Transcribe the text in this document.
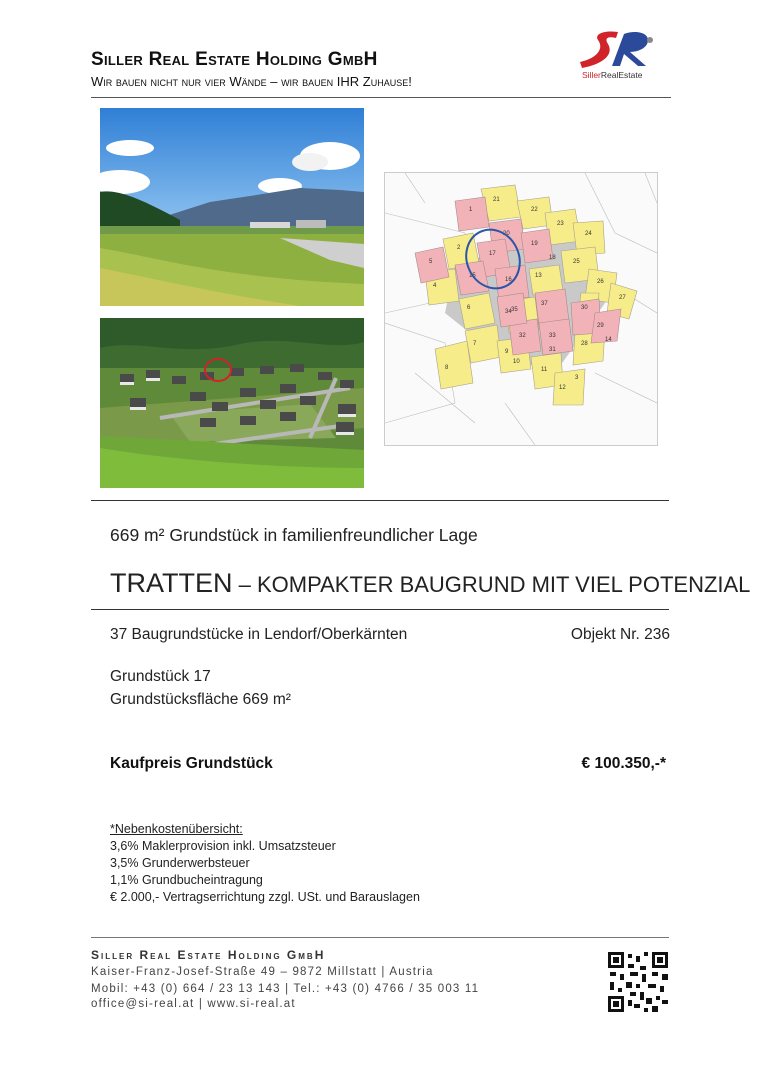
Siller Real Estate Holding GmbH
Wir bauen nicht nur vier Wände – wir bauen IHR Zuhause!	SillerRealEstate
21
22
23
24
25
26
27
1
20
19
18
2
17
5
4
15
16
13
6	35
37
34
30
29
7
9
32	33
28
8
10
11
12
31
14
3
669 m² Grundstück in familienfreundlicher Lage
TRATTEN – KOMPAKTER BAUGRUND MIT VIEL POTENZIAL
37 Baugrundstücke in Lendorf/Oberkärnten	Objekt Nr. 236
Grundstück 17
Grundstücksfläche 669 m²
Kaufpreis Grundstück	€ 100.350,-*
*Nebenkostenübersicht:
3,6% Maklerprovision inkl. Umsatzsteuer
3,5% Grunderwerbsteuer
1,1% Grundbucheintragung
€ 2.000,- Vertragserrichtung zzgl. USt. und Barauslagen
Siller Real Estate Holding GmbH
Kaiser-Franz-Josef-Straße 49 – 9872 Millstatt | Austria
Mobil: +43 (0) 664 / 23 13 143 | Tel.: +43 (0) 4766 / 35 003 11
office@si-real.at | www.si-real.at
